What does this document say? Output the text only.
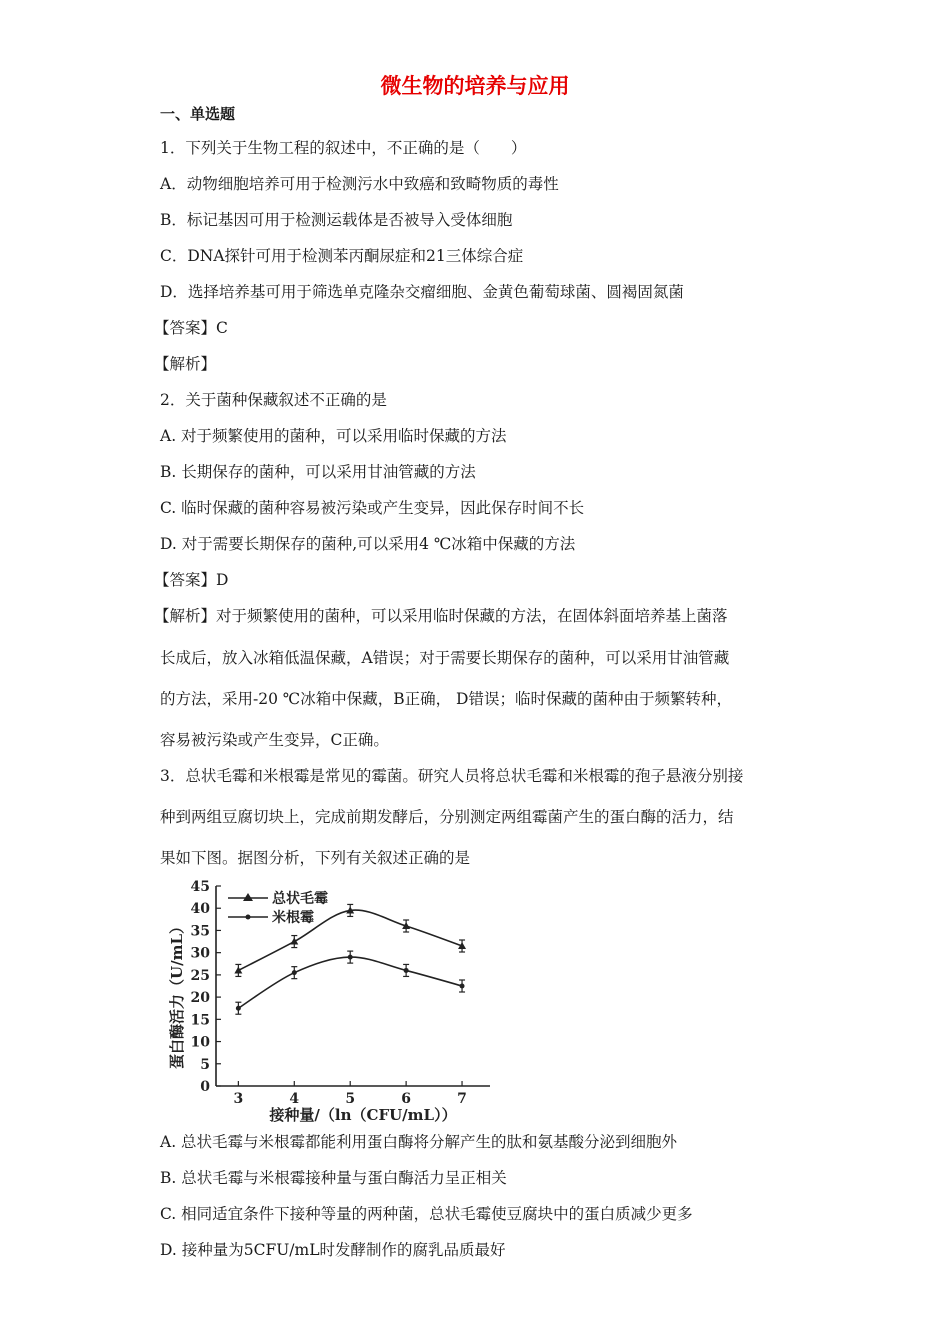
微生物的培养与应用
一、单选题
1．下列关于生物工程的叙述中，不正确的是（　　）
A．动物细胞培养可用于检测污水中致癌和致畸物质的毒性
B．标记基因可用于检测运载体是否被导入受体细胞
C．DNA探针可用于检测苯丙酮尿症和21三体综合症
D．选择培养基可用于筛选单克隆杂交瘤细胞、金黄色葡萄球菌、圆褐固氮菌
【答案】C
【解析】
2．关于菌种保藏叙述不正确的是
A. 对于频繁使用的菌种，可以采用临时保藏的方法
B. 长期保存的菌种，可以采用甘油管藏的方法
C. 临时保藏的菌种容易被污染或产生变异，因此保存时间不长
D. 对于需要长期保存的菌种,可以采用4 ℃冰箱中保藏的方法
【答案】D
【解析】对于频繁使用的菌种，可以采用临时保藏的方法，在固体斜面培养基上菌落
长成后，放入冰箱低温保藏，A错误；对于需要长期保存的菌种，可以采用甘油管藏
的方法，采用-20 ℃冰箱中保藏，B正确， D错误；临时保藏的菌种由于频繁转种，
容易被污染或产生变异，C正确。
3．总状毛霉和米根霉是常见的霉菌。研究人员将总状毛霉和米根霉的孢子悬液分别接
种到两组豆腐切块上，完成前期发酵后，分别测定两组霉菌产生的蛋白酶的活力，结
果如下图。据图分析，下列有关叙述正确的是
0
5
10
15
20
25
30
35
40
45
3	4	5	6	7
接种量/（ln（CFU/mL））
蛋白酶活力（U/mL）
总状毛霉
米根霉
A. 总状毛霉与米根霉都能利用蛋白酶将分解产生的肽和氨基酸分泌到细胞外
B. 总状毛霉与米根霉接种量与蛋白酶活力呈正相关
C. 相同适宜条件下接种等量的两种菌，总状毛霉使豆腐块中的蛋白质减少更多
D. 接种量为5CFU/mL时发酵制作的腐乳品质最好
